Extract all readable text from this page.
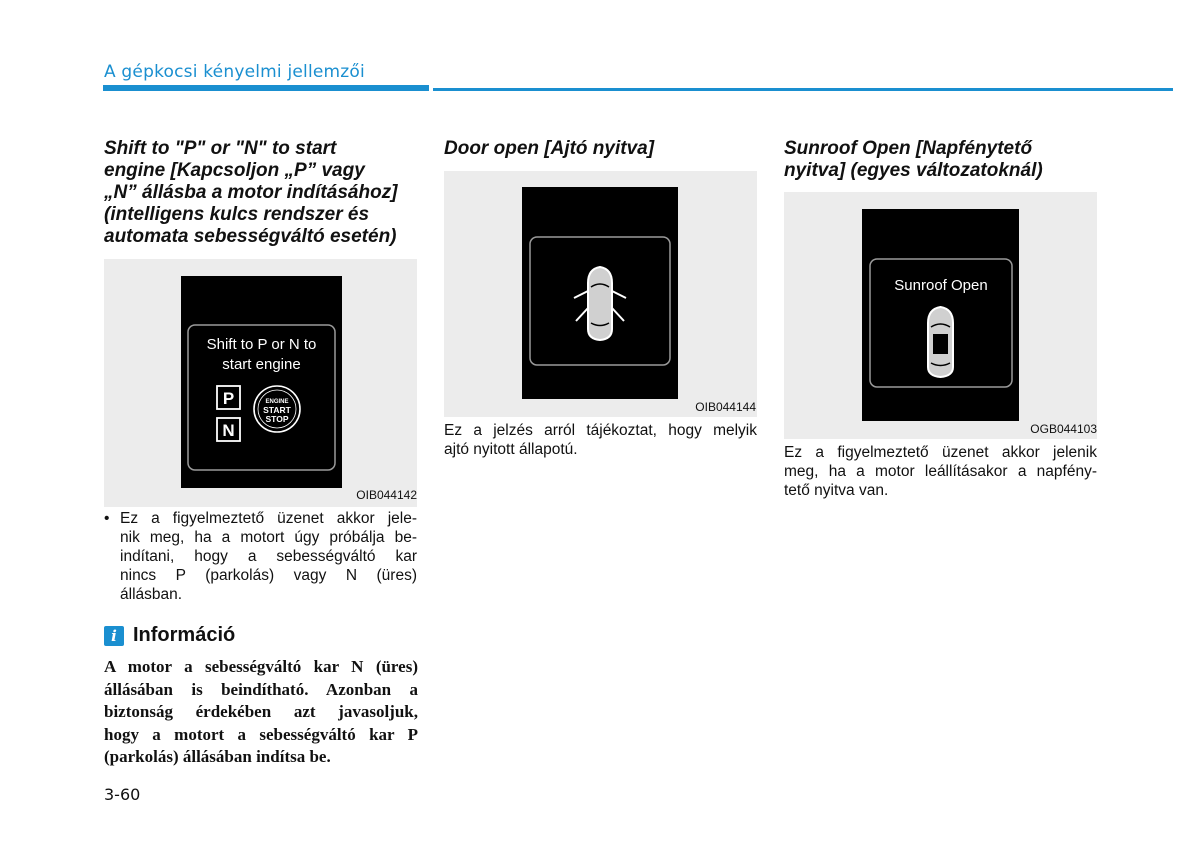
A gépkocsi kényelmi jellemzői
Shift to "P" or "N" to start
engine [Kapcsoljon „P” vagy
„N” állásba a motor indításához]
(intelligens kulcs rendszer és
automata sebességváltó esetén)
Shift to P or N to
start engine
P
N
ENGINE
START
STOP
OIB044142
• Ez a figyelmeztető üzenet akkor jele-
nik meg, ha a motort úgy próbálja be-
indítani, hogy a sebességváltó kar
nincs P (parkolás) vagy N (üres)
állásban.
i Információ
A motor a sebességváltó kar N (üres)
állásában is beindítható. Azonban a
biztonság érdekében azt javasoljuk,
hogy a motort a sebességváltó kar P
(parkolás) állásában indítsa be.
Door open [Ajtó nyitva]
OIB044144
Ez a jelzés arról tájékoztat, hogy melyik
ajtó nyitott állapotú.
Sunroof Open [Napfénytető
nyitva] (egyes változatoknál)
Sunroof Open
OGB044103
Ez a figyelmeztető üzenet akkor jelenik
meg, ha a motor leállításakor a napfény-
tető nyitva van.
3-60
